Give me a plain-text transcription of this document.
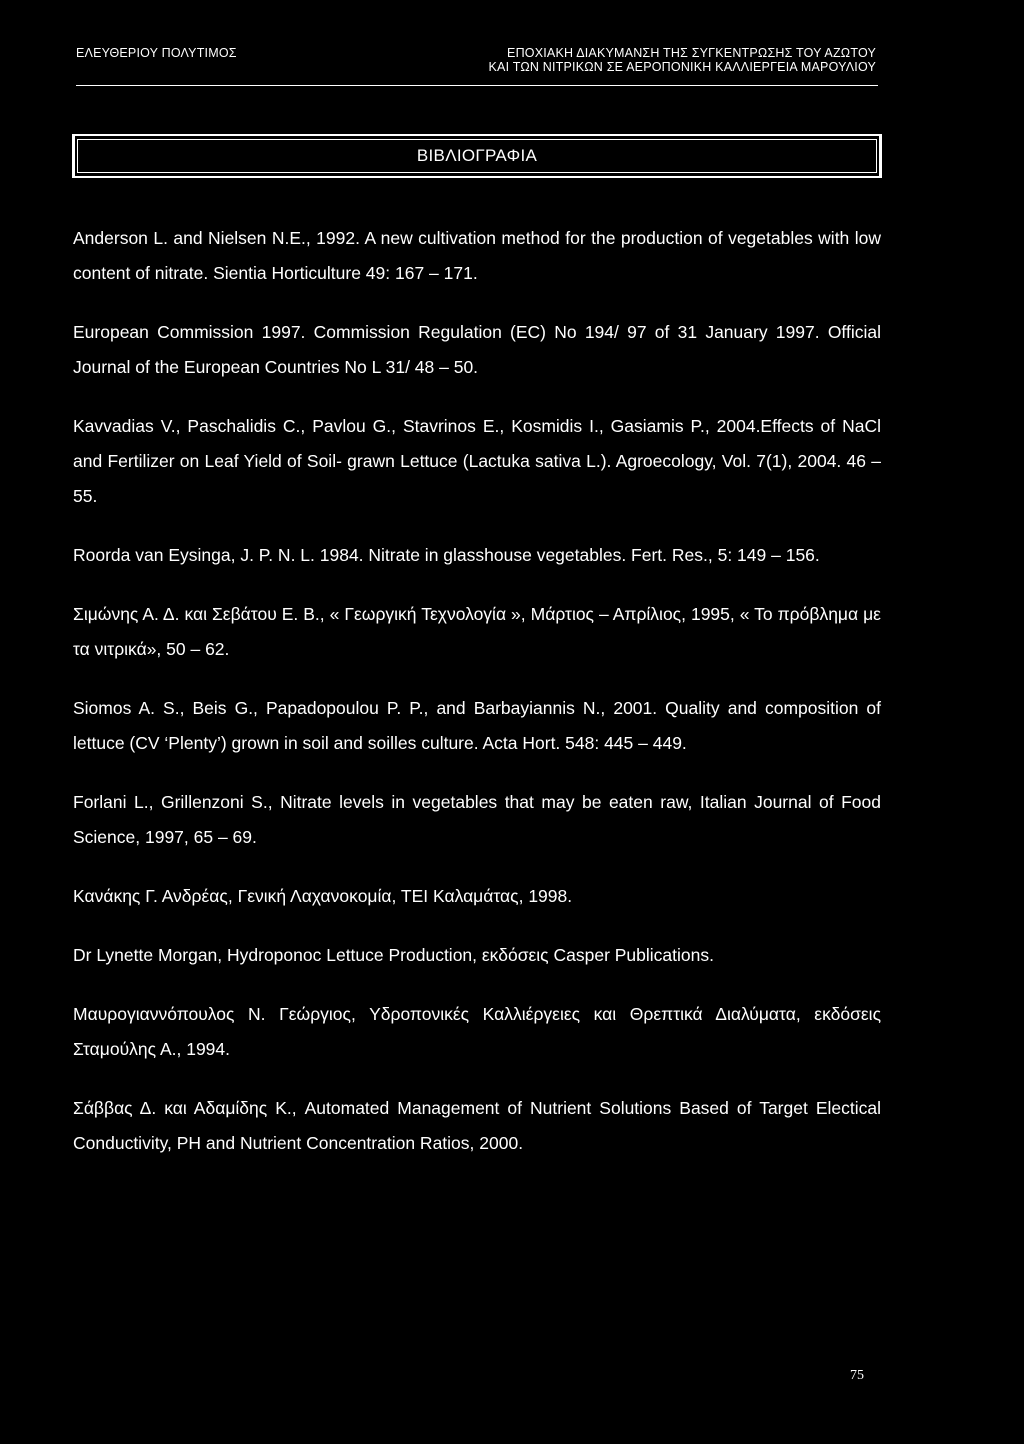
ΕΛΕΥΘΕΡΙΟΥ ΠΟΛΥΤΙΜΟΣ	ΕΠΟΧΙΑΚΗ ΔΙΑΚΥΜΑΝΣΗ ΤΗΣ ΣΥΓΚΕΝΤΡΩΣΗΣ ΤΟΥ ΑΖΩΤΟΥ
ΚΑΙ ΤΩΝ ΝΙΤΡΙΚΩΝ ΣΕ ΑΕΡΟΠΟΝΙΚΗ ΚΑΛΛΙΕΡΓΕΙΑ ΜΑΡΟΥΛΙΟΥ
ΒΙΒΛΙΟΓΡΑΦΙΑ
Anderson L. and Nielsen N.E., 1992. A new cultivation method for the production of vegetables with low content of nitrate. Sientia Horticulture 49: 167 – 171.
European Commission 1997. Commission Regulation (EC) No 194/ 97 of 31 January 1997. Official Journal of the European Countries No L 31/ 48 – 50.
Kavvadias V., Paschalidis C., Pavlou G., Stavrinos E., Kosmidis I., Gasiamis P., 2004.Effects of NaCl and Fertilizer on Leaf Yield of Soil- grawn Lettuce (Lactuka sativa L.). Agroecology, Vol. 7(1), 2004. 46 – 55.
Roorda van Eysinga, J. P. N. L. 1984. Nitrate in glasshouse vegetables. Fert. Res., 5: 149 – 156.
Σιμώνης Α. Δ. και Σεβάτου Ε. Β., « Γεωργική Τεχνολογία », Μάρτιος – Απρίλιος, 1995, « Το πρόβλημα με τα νιτρικά», 50 – 62.
Siomos A. S., Beis G., Papadopoulou P. P., and Barbayiannis N., 2001. Quality and composition of lettuce (CV ‘Plenty’) grown in soil and soilles culture. Acta Hort. 548: 445 – 449.
Forlani L., Grillenzoni S., Nitrate levels in vegetables that may be eaten raw, Italian Journal of Food Science, 1997, 65 – 69.
Κανάκης Γ. Ανδρέας, Γενική Λαχανοκομία, ΤΕΙ Καλαμάτας, 1998.
Dr Lynette Morgan, Hydroponoc Lettuce Production, εκδόσεις Casper Publications.
Μαυρογιαννόπουλος Ν. Γεώργιος, Υδροπονικές Καλλιέργειες και Θρεπτικά Διαλύματα, εκδόσεις Σταμούλης Α., 1994.
Σάββας Δ. και Αδαμίδης Κ., Automated Management of Nutrient Solutions Based of Target Electical Conductivity, PH and Nutrient Concentration Ratios, 2000.
75
